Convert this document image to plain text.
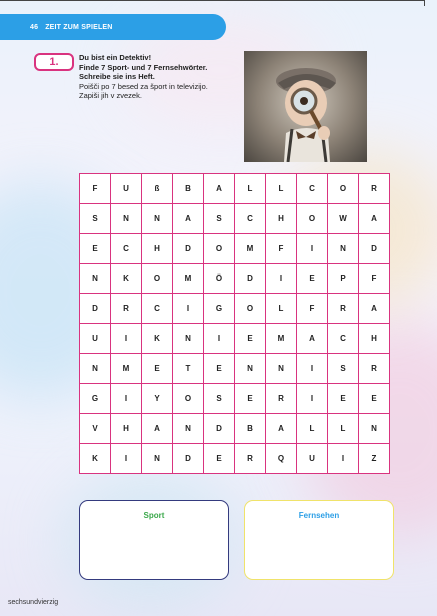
46 ZEIT ZUM SPIELEN
1.	Du bist ein Detektiv!
Finde 7 Sport- und 7 Fernsehwörter.
Schreibe sie ins Heft.
Poišči po 7 besed za šport in televizijo.
Zapiši jih v zvezek.
F	U	ß	B	A	L	L	C	O	R
S	N	N	A	S	C	H	O	W	A
E	C	H	D	O	M	F	I	N	D
N	K	O	M	Ö	D	I	E	P	F
D	R	C	I	G	O	L	F	R	A
U	I	K	N	I	E	M	A	C	H
N	M	E	T	E	N	N	I	S	R
G	I	Y	O	S	E	R	I	E	E
V	H	A	N	D	B	A	L	L	N
K	I	N	D	E	R	Q	U	I	Z
Sport	Fernsehen
sechsundvierzig
